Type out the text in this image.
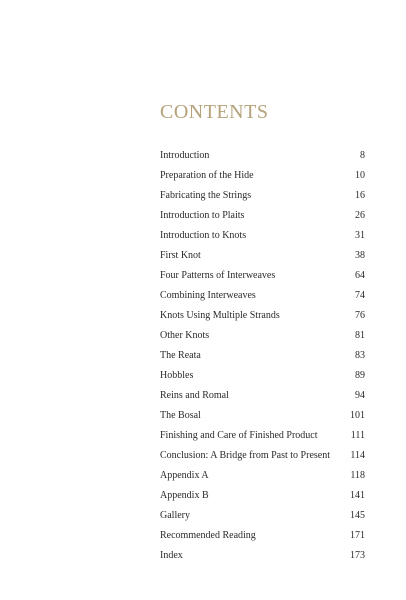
CONTENTS
Introduction	8
Preparation of the Hide	10
Fabricating the Strings	16
Introduction to Plaits	26
Introduction to Knots	31
First Knot	38
Four Patterns of Interweaves	64
Combining Interweaves	74
Knots Using Multiple Strands	76
Other Knots	81
The Reata	83
Hobbles	89
Reins and Romal	94
The Bosal	101
Finishing and Care of Finished Product	111
Conclusion: A Bridge from Past to Present 114
Appendix A	118
Appendix B	141
Gallery	145
Recommended Reading	171
Index	173
